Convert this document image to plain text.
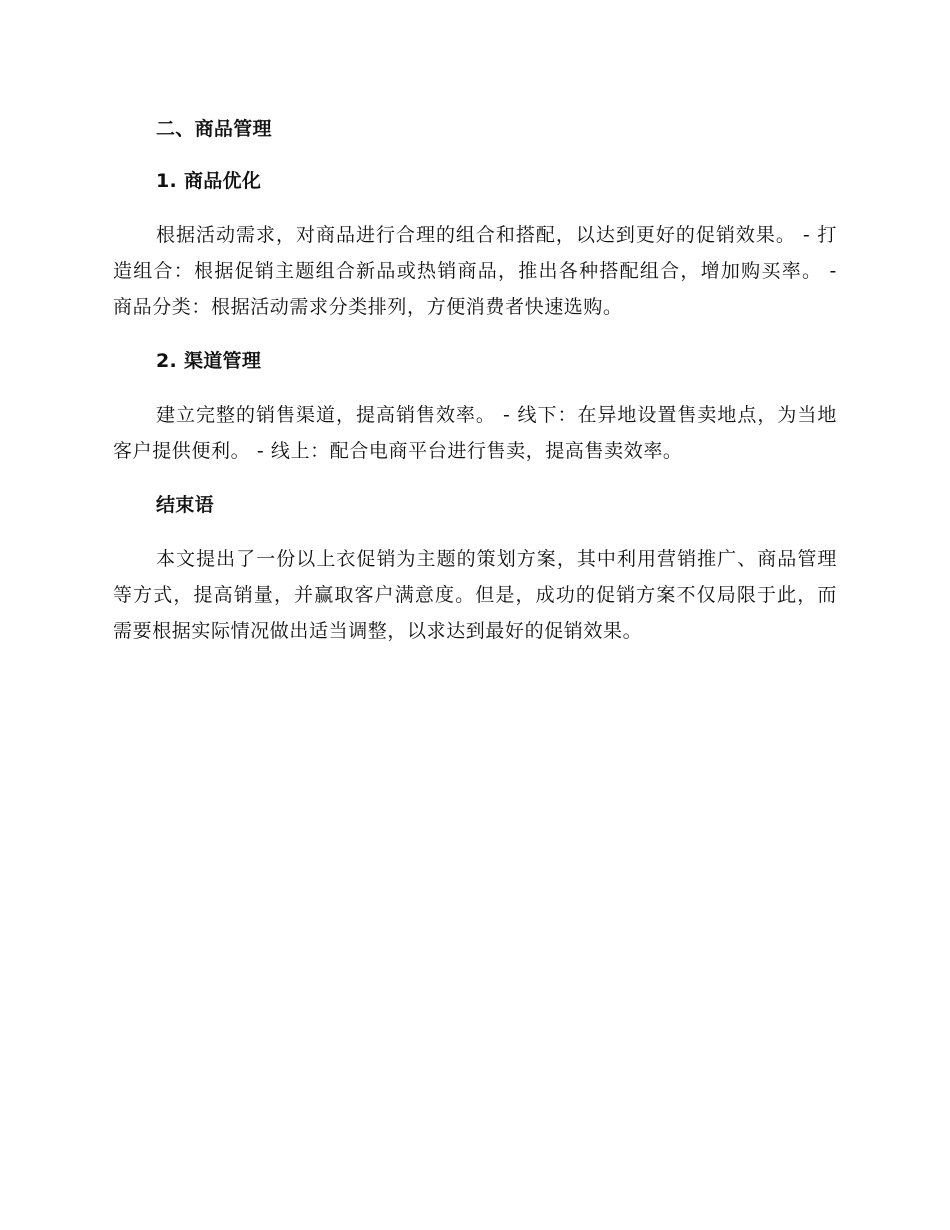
二、商品管理
1. 商品优化

根据活动需求，对商品进行合理的组合和搭配，以达到更好的促销效果。 - 打造组合：根据促销主题组合新品或热销商品，推出各种搭配组合，增加购买率。 - 商品分类：根据活动需求分类排列，方便消费者快速选购。

2. 渠道管理

建立完整的销售渠道，提高销售效率。 - 线下：在异地设置售卖地点，为当地客户提供便利。 - 线上：配合电商平台进行售卖，提高售卖效率。

结束语

本文提出了一份以上衣促销为主题的策划方案，其中利用营销推广、商品管理等方式，提高销量，并赢取客户满意度。但是，成功的促销方案不仅局限于此，而需要根据实际情况做出适当调整，以求达到最好的促销效果。
